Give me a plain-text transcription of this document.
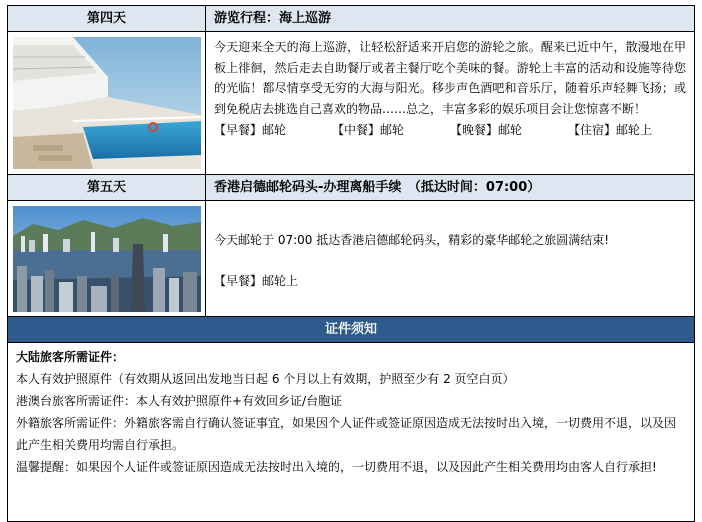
第四天	游览行程：海上巡游
今天迎来全天的海上巡游，让轻松舒适来开启您的游轮之旅。醒来已近中午，散漫地在甲板上徘徊，然后走去自助餐厅或者主餐厅吃个美味的餐。游轮上丰富的活动和设施等待您的光临！都尽情享受无穷的大海与阳光。移步声色酒吧和音乐厅，随着乐声轻舞飞扬；或到免税店去挑选自己喜欢的物品……总之，丰富多彩的娱乐项目会让您惊喜不断！
【早餐】邮轮	【中餐】邮轮	【晚餐】邮轮	【住宿】邮轮上
第五天	香港启德邮轮码头-办理离船手续　（抵达时间：07:00）
今天邮轮于 07:00 抵达香港启德邮轮码头，精彩的豪华邮轮之旅圆满结束!
【早餐】邮轮上
证件须知

大陆旅客所需证件：

本人有效护照原件（有效期从返回出发地当日起 6 个月以上有效期，护照至少有 2 页空白页）

港澳台旅客所需证件：本人有效护照原件+有效回乡证/台胞证

外籍旅客所需证件：外籍旅客需自行确认签证事宜，如果因个人证件或签证原因造成无法按时出入境，一切费用不退，以及因此产生相关费用均需自行承担。

温馨提醒：如果因个人证件或签证原因造成无法按时出入境的，一切费用不退，以及因此产生相关费用均由客人自行承担!
